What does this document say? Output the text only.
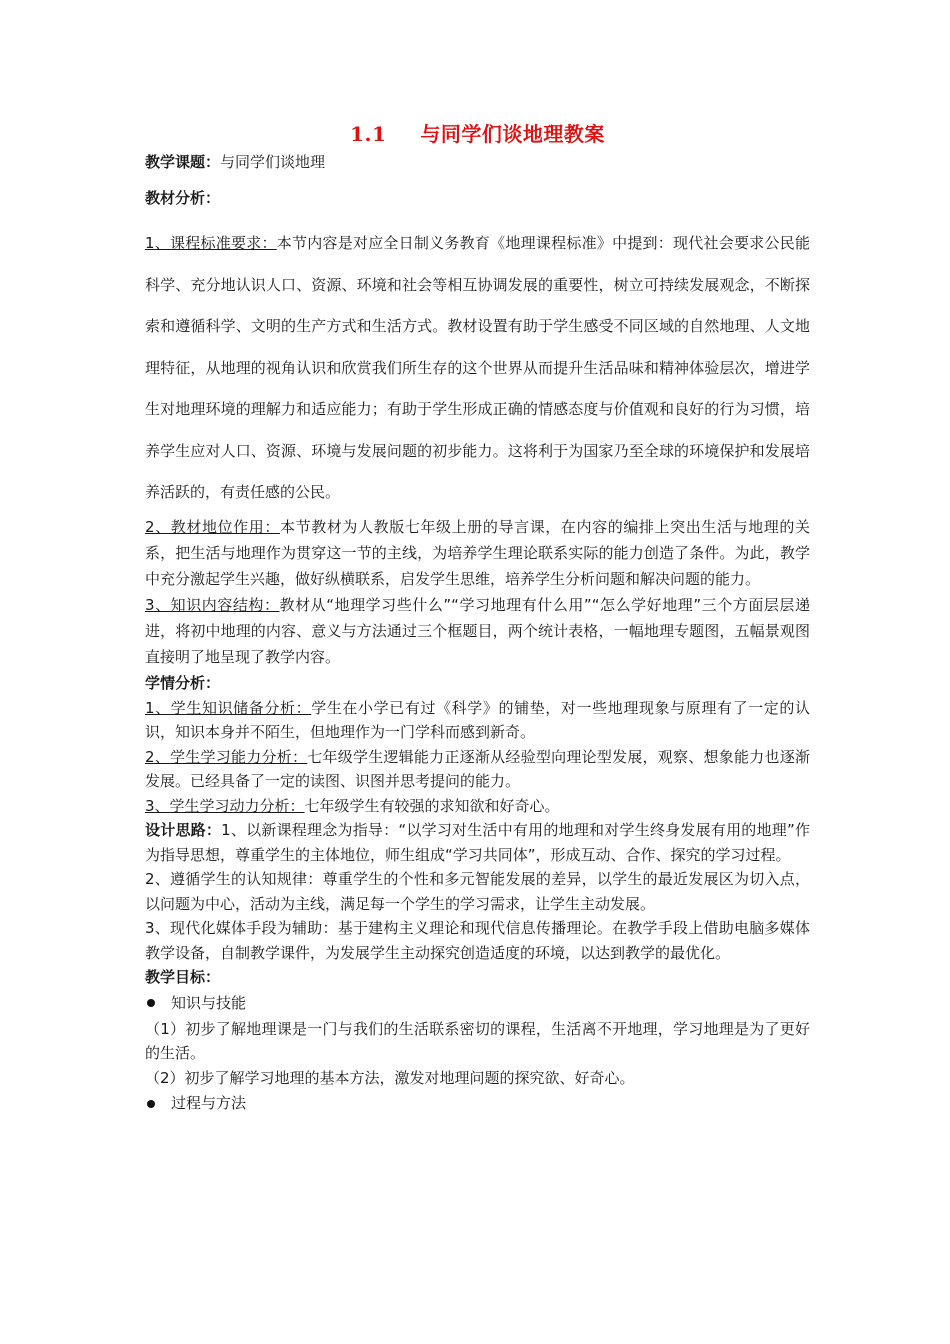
1.1 与同学们谈地理教案

教学课题：与同学们谈地理

教材分析：

1、课程标准要求：本节内容是对应全日制义务教育《地理课程标准》中提到：现代社会要求公民能科学、充分地认识人口、资源、环境和社会等相互协调发展的重要性，树立可持续发展观念，不断探索和遵循科学、文明的生产方式和生活方式。教材设置有助于学生感受不同区域的自然地理、人文地理特征，从地理的视角认识和欣赏我们所生存的这个世界从而提升生活品味和精神体验层次，增进学生对地理环境的理解力和适应能力；有助于学生形成正确的情感态度与价值观和良好的行为习惯，培养学生应对人口、资源、环境与发展问题的初步能力。这将利于为国家乃至全球的环境保护和发展培养活跃的，有责任感的公民。

2、教材地位作用：本节教材为人教版七年级上册的导言课，在内容的编排上突出生活与地理的关系，把生活与地理作为贯穿这一节的主线，为培养学生理论联系实际的能力创造了条件。为此，教学中充分激起学生兴趣，做好纵横联系，启发学生思维，培养学生分析问题和解决问题的能力。

3、知识内容结构：教材从“地理学习些什么”“学习地理有什么用”“怎么学好地理”三个方面层层递进，将初中地理的内容、意义与方法通过三个框题目，两个统计表格，一幅地理专题图，五幅景观图直接明了地呈现了教学内容。

学情分析：

1、学生知识储备分析：学生在小学已有过《科学》的铺垫，对一些地理现象与原理有了一定的认识，知识本身并不陌生，但地理作为一门学科而感到新奇。

2、学生学习能力分析：七年级学生逻辑能力正逐渐从经验型向理论型发展，观察、想象能力也逐渐发展。已经具备了一定的读图、识图并思考提问的能力。

3、学生学习动力分析：七年级学生有较强的求知欲和好奇心。

设计思路：1、以新课程理念为指导：“以学习对生活中有用的地理和对学生终身发展有用的地理”作为指导思想，尊重学生的主体地位，师生组成“学习共同体”，形成互动、合作、探究的学习过程。

2、遵循学生的认知规律：尊重学生的个性和多元智能发展的差异，以学生的最近发展区为切入点，以问题为中心，活动为主线，满足每一个学生的学习需求，让学生主动发展。

3、现代化媒体手段为辅助：基于建构主义理论和现代信息传播理论。在教学手段上借助电脑多媒体教学设备，自制教学课件，为发展学生主动探究创造适度的环境，以达到教学的最优化。

教学目标：

知识与技能

（1）初步了解地理课是一门与我们的生活联系密切的课程，生活离不开地理，学习地理是为了更好的生活。

（2）初步了解学习地理的基本方法，激发对地理问题的探究欲、好奇心。

过程与方法
